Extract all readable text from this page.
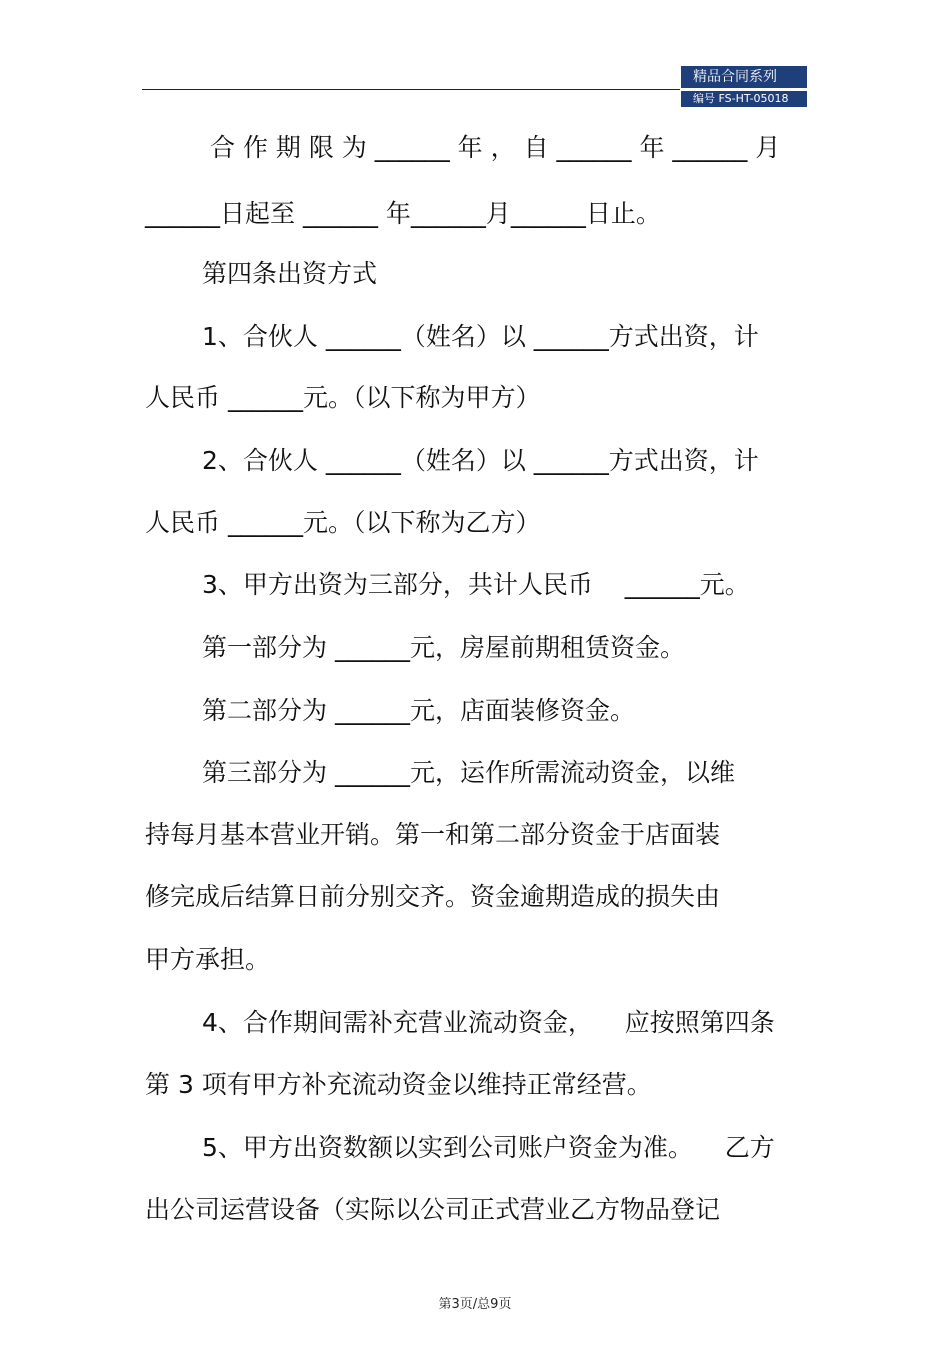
精品合同系列
编号 FS-HT-05018
合 作 期 限 为 ______ 年 ， 自 ______ 年 ______ 月
______日起至 ______ 年______月______日止。
第四条出资方式
1、合伙人 ______（姓名）以 ______方式出资，计
人民币 ______元。（以下称为甲方）
2、合伙人 ______（姓名）以 ______方式出资，计
人民币 ______元。（以下称为乙方）
3、甲方出资为三部分，共计人民币    ______元。
第一部分为 ______元，房屋前期租赁资金。
第二部分为 ______元，店面装修资金。
第三部分为 ______元，运作所需流动资金，以维
持每月基本营业开销。第一和第二部分资金于店面装
修完成后结算日前分别交齐。资金逾期造成的损失由
甲方承担。
4、合作期间需补充营业流动资金，    应按照第四条
第 3 项有甲方补充流动资金以维持正常经营。
5、甲方出资数额以实到公司账户资金为准。    乙方
出公司运营设备（实际以公司正式营业乙方物品登记
第3页/总9页
